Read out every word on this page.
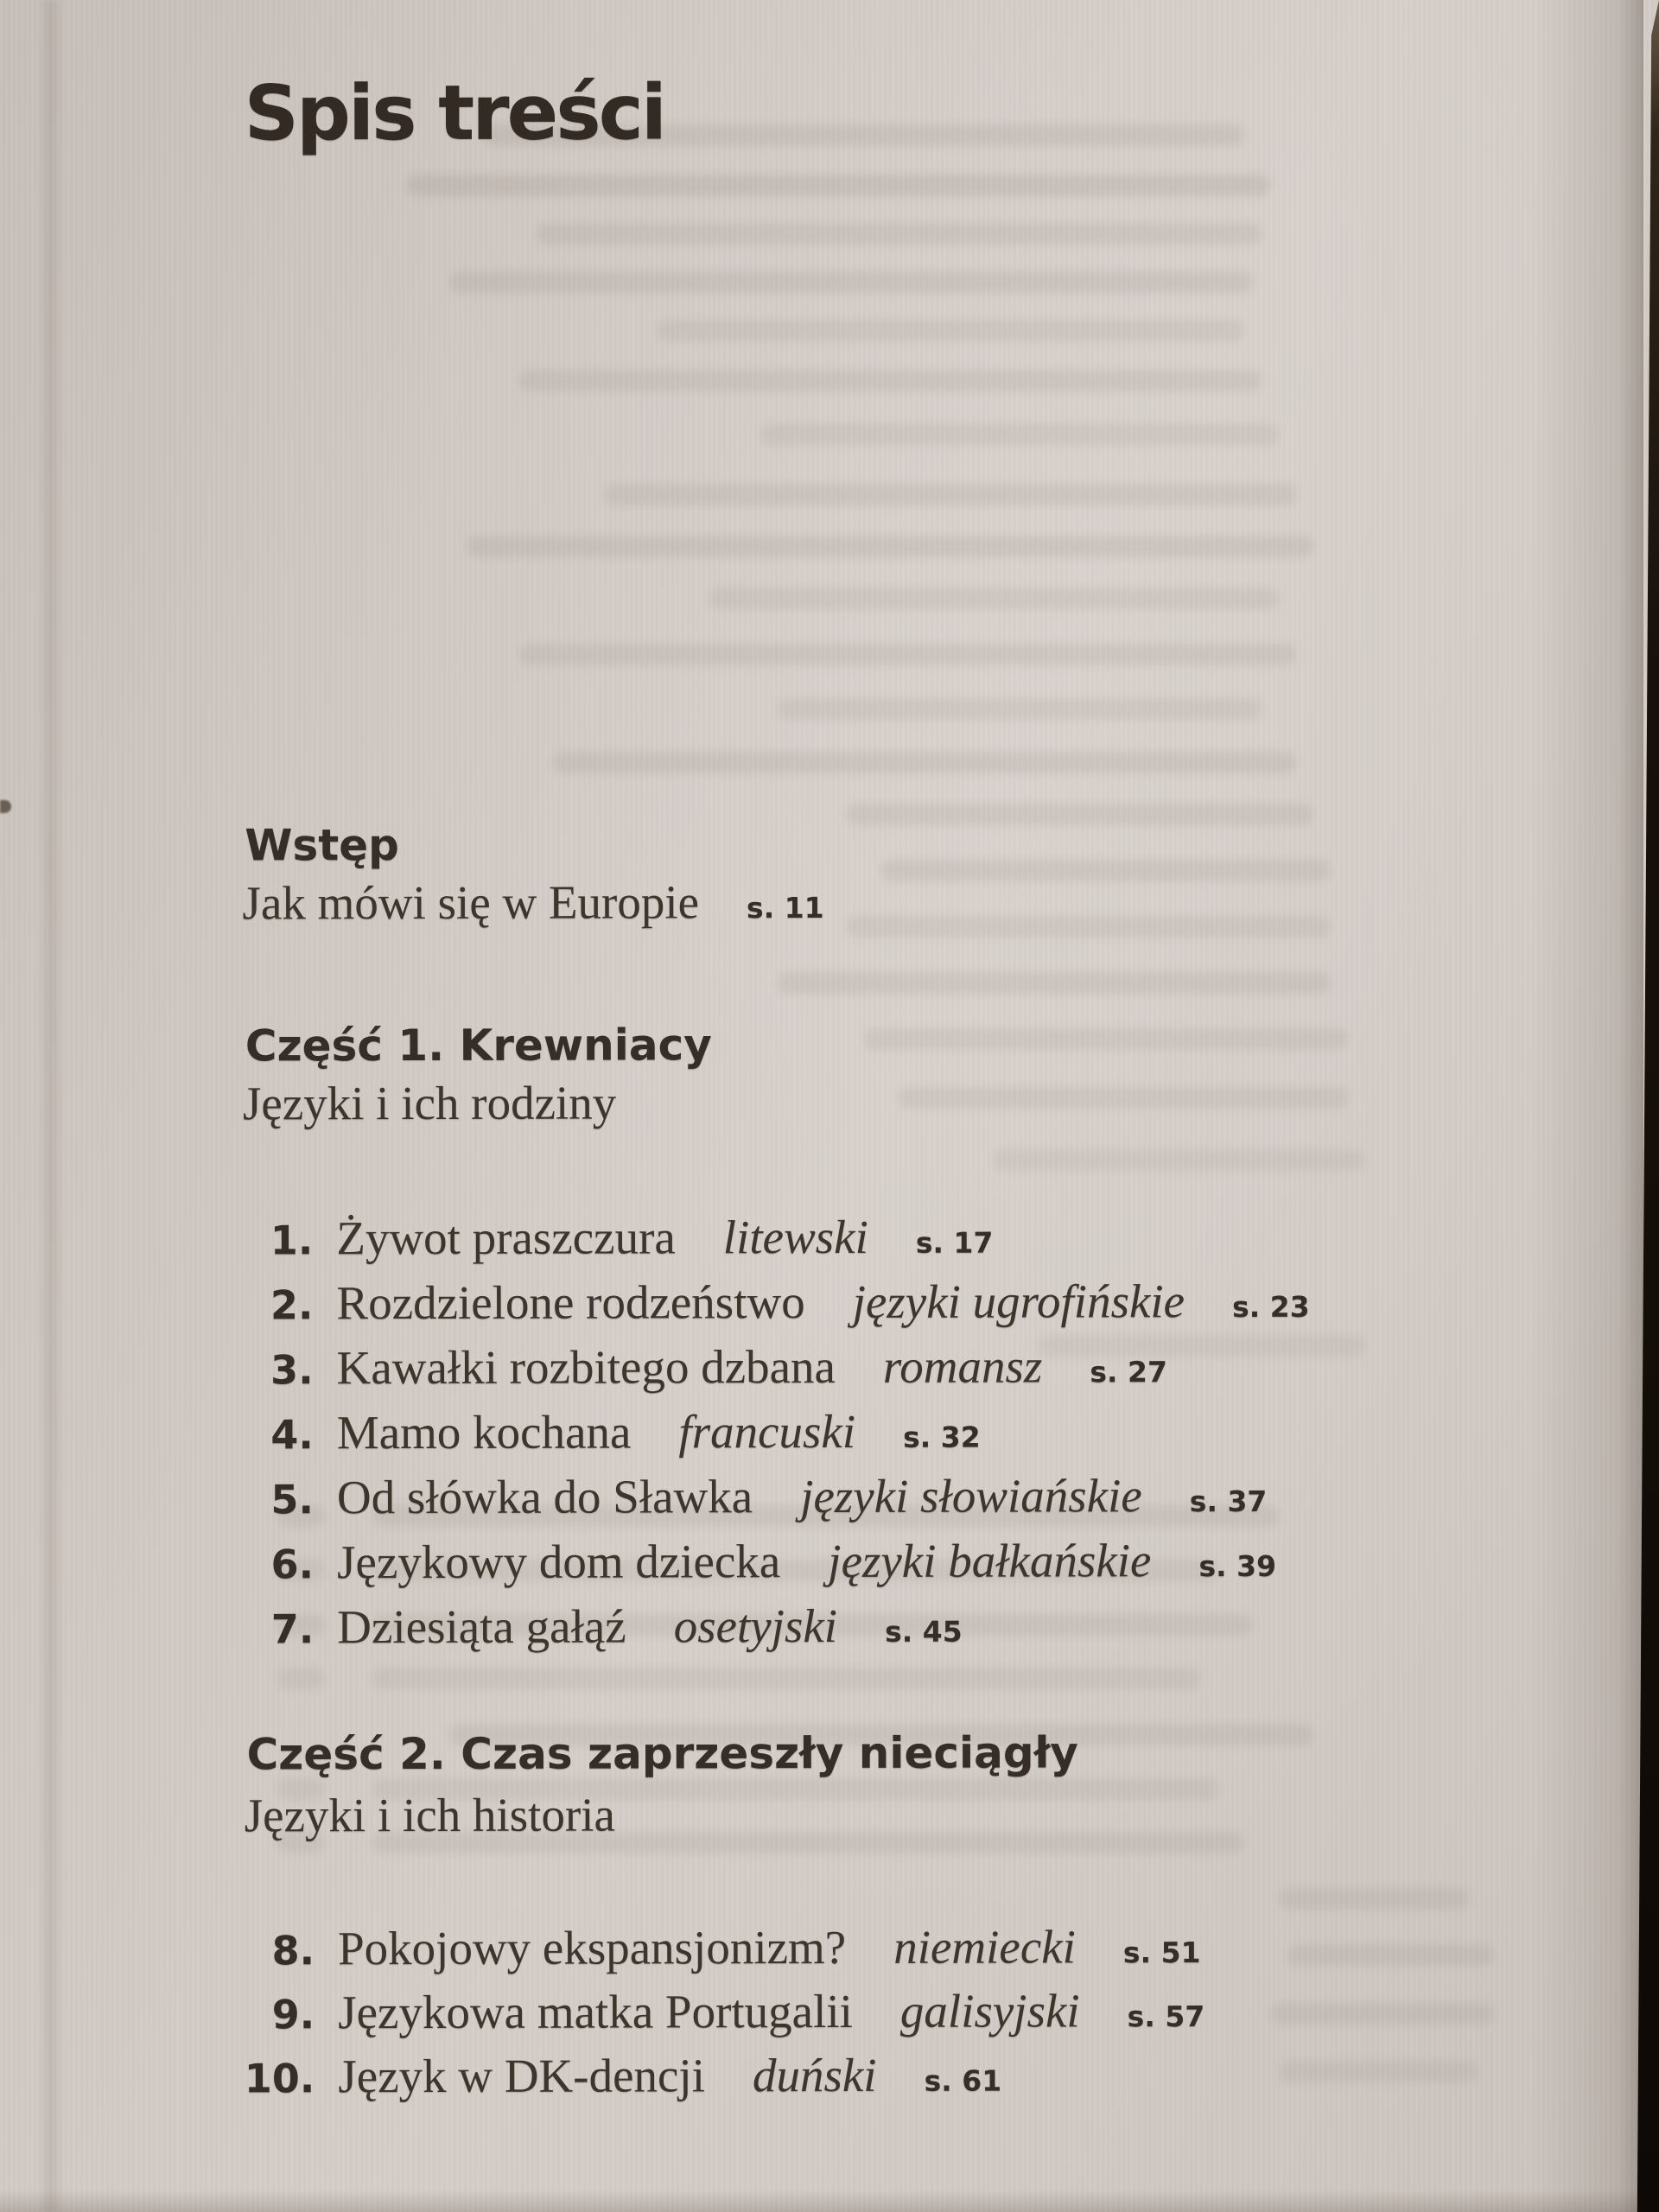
Spis treści
Wstęp
Jak mówi się w Europie s. 11
Część 1. Krewniacy
Języki i ich rodziny
1. Żywot praszczura litewski s. 17
2. Rozdzielone rodzeństwo języki ugrofińskie s. 23
3. Kawałki rozbitego dzbana romansz s. 27
4. Mamo kochana francuski s. 32
5. Od słówka do Sławka języki słowiańskie s. 37
6. Językowy dom dziecka języki bałkańskie s. 39
7. Dziesiąta gałąź osetyjski s. 45
Część 2. Czas zaprzeszły nieciągły
Języki i ich historia
8. Pokojowy ekspansjonizm? niemiecki s. 51
9. Językowa matka Portugalii galisyjski s. 57
10. Język w DK-dencji duński s. 61
